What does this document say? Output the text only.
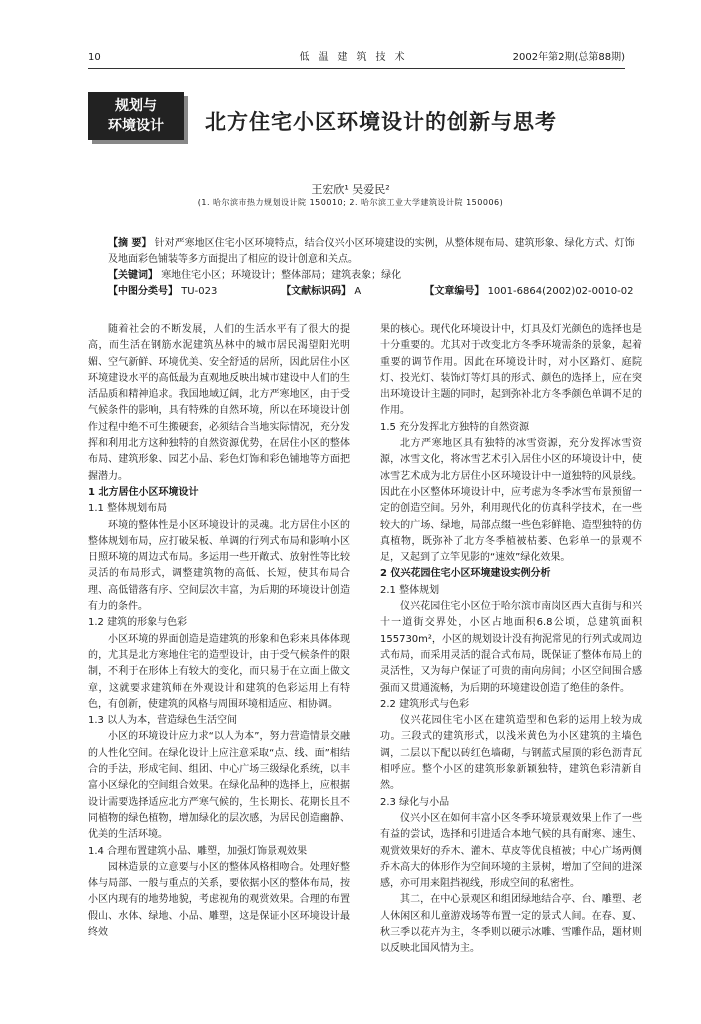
10	低温建筑技术	2002年第2期(总第88期)
规划与
环境设计 北方住宅小区环境设计的创新与思考
王宏欣¹ 吴爱民²
(1. 哈尔滨市热力规划设计院 150010; 2. 哈尔滨工业大学建筑设计院 150006)
【摘 要】 针对严寒地区住宅小区环境特点，结合仪兴小区环境建设的实例，从整体规布局、建筑形象、绿化方式、灯饰及地面彩色铺装等多方面提出了相应的设计创意和关点。
【关键词】 寒地住宅小区；环境设计；整体部局；建筑表象；绿化
【中图分类号】 TU-023	【文献标识码】 A	【文章编号】 1001-6864(2002)02-0010-02

随着社会的不断发展，人们的生活水平有了很大的提高，而生活在钢筋水泥建筑丛林中的城市居民渴望阳光明媚、空气新鲜、环境优美、安全舒适的居所，因此居住小区环境建设水平的高低最为直观地反映出城市建设中人们的生活品质和精神追求。我国地域辽阔，北方严寒地区，由于受气候条件的影响，具有特殊的自然环境，所以在环境设计创作过程中绝不可生搬硬套，必须结合当地实际情况，充分发挥和利用北方这种独特的自然资源优势，在居住小区的整体布局、建筑形象、园艺小品、彩色灯饰和彩色铺地等方面把握潜力。

1 北方居住小区环境设计
1.1 整体规划布局

环境的整体性是小区环境设计的灵魂。北方居住小区的整体规划布局，应打破呆板、单调的行列式布局和影响小区日照环境的周边式布局。多运用一些开敞式、放射性等比较灵活的布局形式，调整建筑物的高低、长短，使其布局合理、高低错落有序、空间层次丰富，为后期的环境设计创造有力的条件。

1.2 建筑的形象与色彩

小区环境的界面创造是造建筑的形象和色彩来具体体现的，尤其是北方寒地住宅的造型设计，由于受气候条件的限制，不利于在形体上有较大的变化，而只易于在立面上做文章，这就要求建筑师在外观设计和建筑的色彩运用上有特色，有创新，使建筑的风格与周围环境相适应、相协调。

1.3 以人为本，营造绿色生活空间

小区的环境设计应力求“以人为本”，努力营造情景交融的人性化空间。在绿化设计上应注意采取“点、线、面”相结合的手法，形成宅间、组团、中心广场三级绿化系统，以丰富小区绿化的空间组合效果。在绿化品种的选择上，应根据设计需要选择适应北方严寒气候的，生长期长、花期长且不同植物的绿色植物，增加绿化的层次感，为居民创造幽静、优美的生活环境。

1.4 合理布置建筑小品、雕塑，加强灯饰景观效果

园林造景的立意要与小区的整体风格相吻合。处理好整体与局部、一般与重点的关系，要依据小区的整体布局，按小区内现有的地势地貌，考虑视角的观赏效果。合理的布置假山、水体、绿地、小品、雕塑，这是保证小区环境设计最终效

果的核心。现代化环境设计中，灯具及灯光颜色的选择也是十分重要的。尤其对于改变北方冬季环境需条的景象，起着重要的调节作用。因此在环境设计时，对小区路灯、庭院灯、投光灯、装饰灯等灯具的形式、颜色的选择上，应在突出环境设计主题的同时，起到弥补北方冬季颜色单调不足的作用。

1.5 充分发挥北方独特的自然资源

北方严寒地区具有独特的冰雪资源，充分发挥冰雪资源，冰雪文化，将冰雪艺术引入居住小区的环境设计中，使冰雪艺术成为北方居住小区环境设计中一道独特的风景线。因此在小区整体环境设计中，应考虑为冬季冰雪布景预留一定的创造空间。另外，利用现代化的仿真科学技术，在一些较大的广场、绿地，局部点缀一些色彩鲜艳、造型独特的仿真植物，既弥补了北方冬季植被枯萎、色彩单一的景观不足，又起到了立竿见影的“速效”绿化效果。

2 仪兴花园住宅小区环境建设实例分析
2.1 整体规划

仪兴花园住宅小区位于哈尔滨市南岗区西大直街与和兴十一道街交界处，小区占地面积6.8公顷，总建筑面积155730m²，小区的规划设计没有拘泥常见的行列式或周边式布局，而采用灵活的混合式布局，既保证了整体布局上的灵活性，又为每户保证了可贵的南向房间；小区空间围合感强而又贯通流畅，为后期的环境建设创造了绝佳的条件。

2.2 建筑形式与色彩

仪兴花园住宅小区在建筑造型和色彩的运用上较为成功。三段式的建筑形式，以浅米黄色为小区建筑的主墙色调，二层以下配以砖红色墙砌，与钢蓝式屋顶的彩色沥青瓦相呼应。整个小区的建筑形象新颖独特，建筑色彩清新自然。

2.3 绿化与小品

仪兴小区在如何丰富小区冬季环境景观效果上作了一些有益的尝试，选择和引进适合本地气候的具有耐寒、速生、观赏效果好的乔木、灌木、草皮等优良植被；中心广场两侧乔木高大的体形作为空间环境的主景树，增加了空间的进深感，亦可用来阻挡视线，形成空间的私密性。

其二，在中心景观区和组团绿地结合亭、台、雕塑、老人休闲区和儿童游戏场等布置一定的景式人间。在春、夏、秋三季以花卉为主，冬季则以硬示冰雕、雪雕作品，题材则以反映北国风情为主。
